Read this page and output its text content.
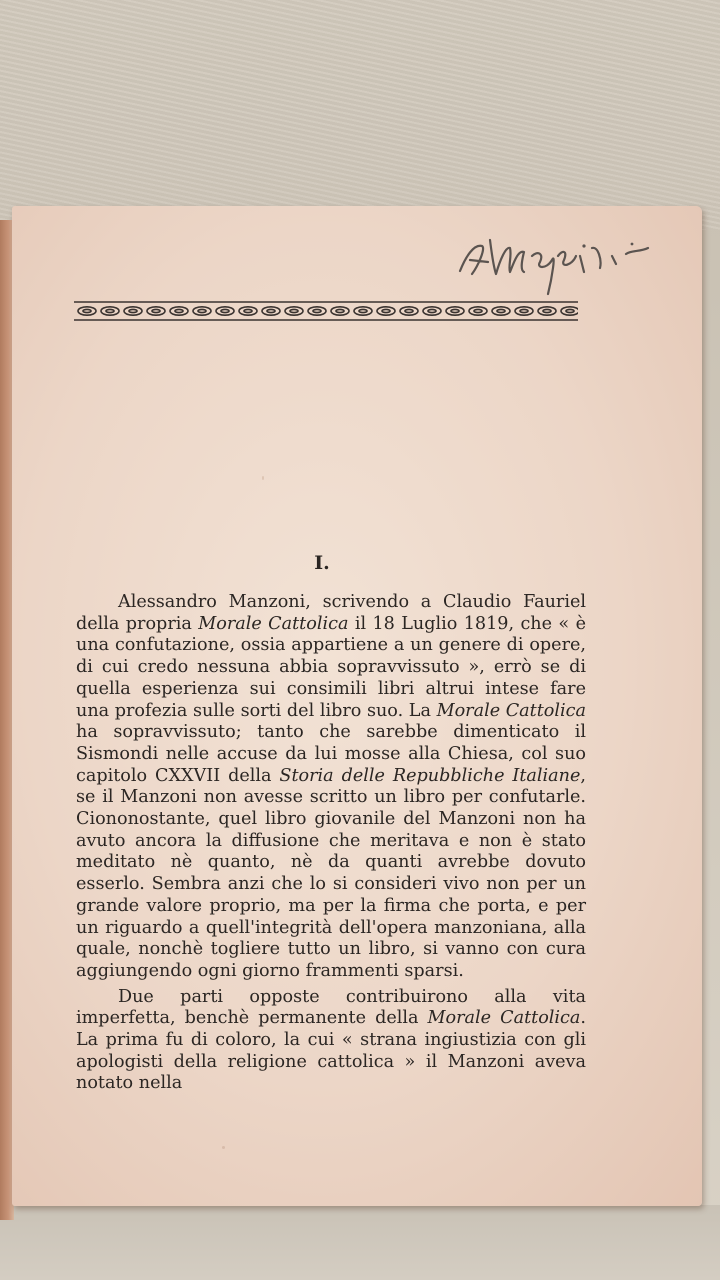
I.

Alessandro Manzoni, scrivendo a Claudio Fauriel della propria Morale Cattolica il 18 Luglio 1819, che « è una confutazione, ossia appartiene a un genere di opere, di cui credo nessuna abbia sopravvissuto », errò se di quella esperienza sui consimili libri altrui intese fare una profezia sulle sorti del libro suo. La Morale Cattolica ha sopravvissuto; tanto che sarebbe dimenticato il Sismondi nelle accuse da lui mosse alla Chiesa, col suo capitolo CXXVII della Storia delle Repubbliche Italiane, se il Manzoni non avesse scritto un libro per confutarle. Ciononostante, quel libro giovanile del Manzoni non ha avuto ancora la diffusione che meritava e non è stato meditato nè quanto, nè da quanti avrebbe dovuto esserlo. Sembra anzi che lo si consideri vivo non per un grande valore proprio, ma per la firma che porta, e per un riguardo a quell'integrità dell'opera manzoniana, alla quale, nonchè togliere tutto un libro, si vanno con cura aggiungendo ogni giorno frammenti sparsi.

Due parti opposte contribuirono alla vita imperfetta, benchè permanente della Morale Cattolica. La prima fu di coloro, la cui « strana ingiustizia con gli apologisti della religione cattolica » il Manzoni aveva notato nella
